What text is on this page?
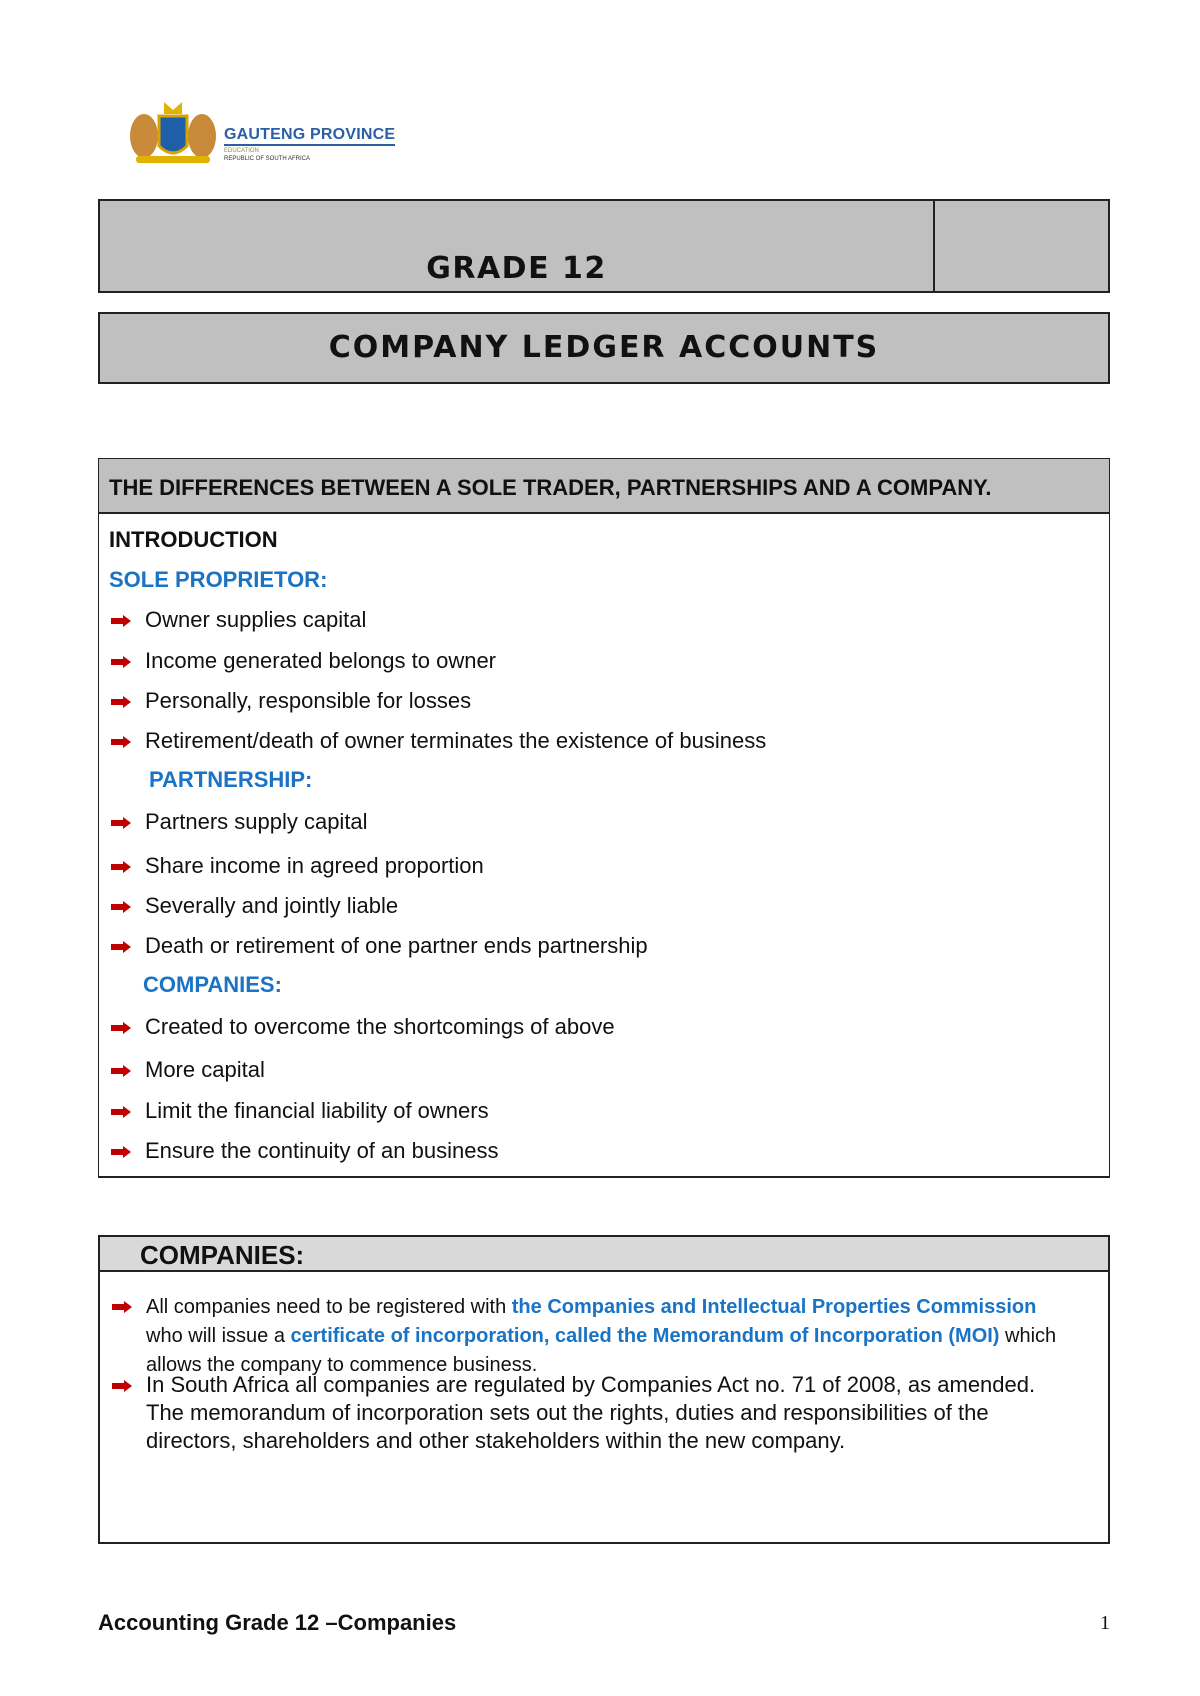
GAUTENG PROVINCE
EDUCATION
REPUBLIC OF SOUTH AFRICA
GRADE 12
COMPANY LEDGER ACCOUNTS
THE DIFFERENCES BETWEEN A SOLE TRADER, PARTNERSHIPS AND A COMPANY.
INTRODUCTION
SOLE PROPRIETOR:
Owner supplies capital
Income generated belongs to owner
Personally, responsible for losses
Retirement/death of owner terminates the existence of business
PARTNERSHIP:
Partners supply capital
Share income in agreed proportion
Severally and jointly liable
Death or retirement of one partner ends partnership
COMPANIES:
Created to overcome the shortcomings of above
More capital
Limit the financial liability of owners
Ensure the continuity of an business
COMPANIES:
All companies need to be registered with the Companies and Intellectual Properties Commission who will issue a certificate of incorporation, called the Memorandum of Incorporation (MOI) which allows the company to commence business.
In South Africa all companies are regulated by Companies Act no. 71 of 2008, as amended. The memorandum of incorporation sets out the rights, duties and responsibilities of the directors, shareholders and other stakeholders within the new company.
Accounting Grade 12 –Companies	1
